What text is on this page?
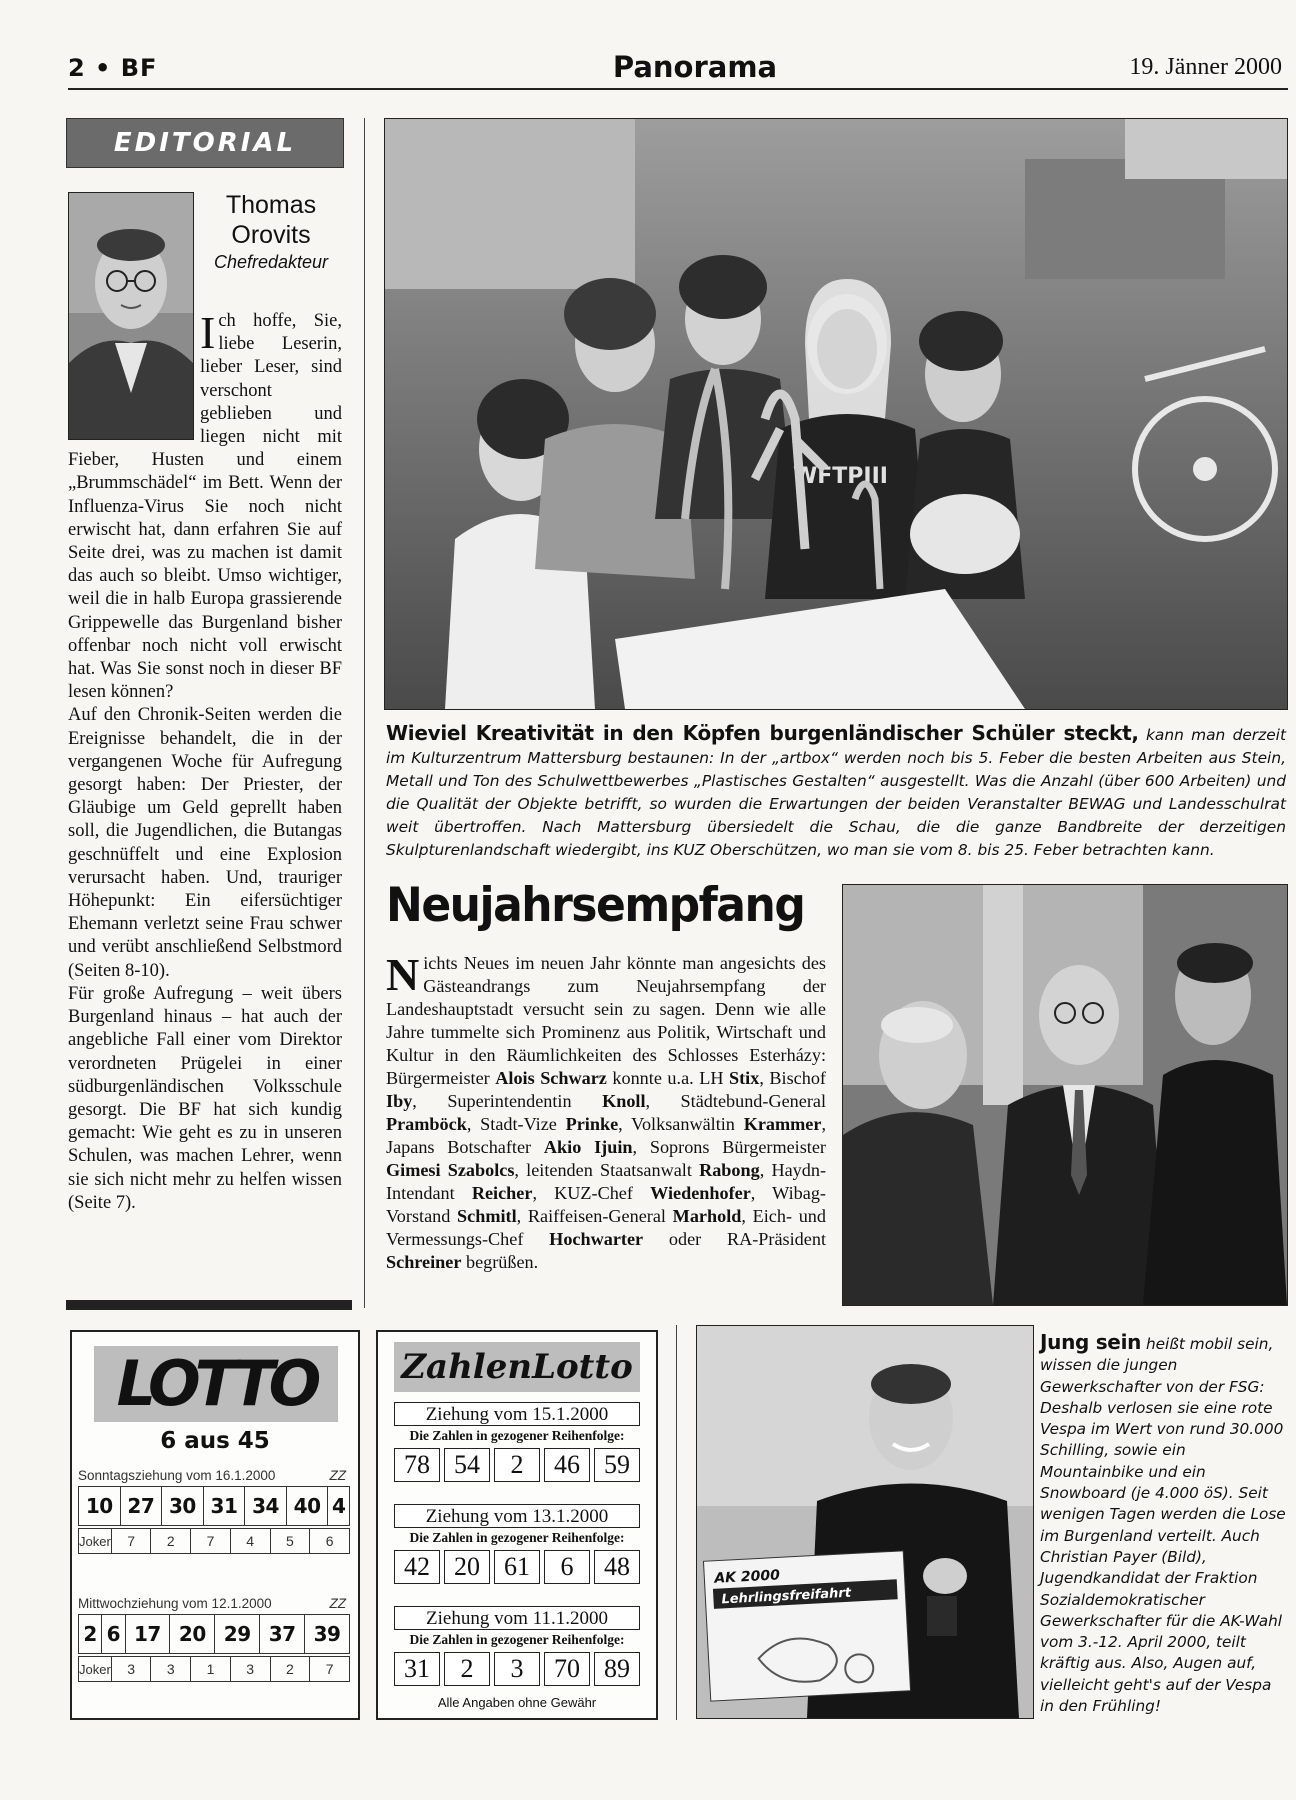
2 • BF	Panorama	19. Jänner 2000
EDITORIAL
Thomas
Orovits
Chefredakteur
I ch hoffe, Sie, liebe Leserin, lieber Leser, sind verschont geblieben und liegen nicht mit Fieber, Husten und einem „Brummschädel“ im Bett. Wenn der Influenza-Virus Sie noch nicht erwischt hat, dann erfahren Sie auf Seite drei, was zu machen ist damit das auch so bleibt. Umso wichtiger, weil die in halb Europa grassierende Grippewelle das Burgenland bisher offenbar noch nicht voll erwischt hat. Was Sie sonst noch in dieser BF lesen können?

Auf den Chronik-Seiten werden die Ereignisse behandelt, die in der vergangenen Woche für Aufregung gesorgt haben: Der Priester, der Gläubige um Geld geprellt haben soll, die Jugendlichen, die Butangas geschnüffelt und eine Explosion verursacht haben. Und, trauriger Höhepunkt: Ein eifersüchtiger Ehemann verletzt seine Frau schwer und verübt anschließend Selbstmord (Seiten 8-10).

Für große Aufregung – weit übers Burgenland hinaus – hat auch der angebliche Fall einer vom Direktor verordneten Prügelei in einer südburgenländischen Volksschule gesorgt. Die BF hat sich kundig gemacht: Wie geht es zu in unseren Schulen, was machen Lehrer, wenn sie sich nicht mehr zu helfen wissen (Seite 7).

WFTPIII
Wieviel Kreativität in den Köpfen burgenländischer Schüler steckt, kann man derzeit im Kulturzentrum Mattersburg bestaunen: In der „artbox“ werden noch bis 5. Feber die besten Arbeiten aus Stein, Metall und Ton des Schulwettbewerbes „Plastisches Gestalten“ ausgestellt. Was die Anzahl (über 600 Arbeiten) und die Qualität der Objekte betrifft, so wurden die Erwartungen der beiden Veranstalter BEWAG und Landesschulrat weit übertroffen. Nach Mattersburg übersiedelt die Schau, die die ganze Bandbreite der derzeitigen Skulpturenlandschaft wiedergibt, ins KUZ Oberschützen, wo man sie vom 8. bis 25. Feber betrachten kann.
Neujahrsempfang
N ichts Neues im neuen Jahr könnte man angesichts des Gästeandrangs zum Neujahrsempfang der Landeshauptstadt versucht sein zu sagen. Denn wie alle Jahre tummelte sich Prominenz aus Politik, Wirtschaft und Kultur in den Räumlichkeiten des Schlosses Esterházy: Bürgermeister Alois Schwarz konnte u.a. LH Stix, Bischof Iby, Superintendentin Knoll, Städtebund-General Pramböck, Stadt-Vize Prinke, Volksanwältin Krammer, Japans Botschafter Akio Ijuin, Soprons Bürgermeister Gimesi Szabolcs, leitenden Staatsanwalt Rabong, Haydn-Intendant Reicher, KUZ-Chef Wiedenhofer, Wibag-Vorstand Schmitl, Raiffeisen-General Marhold, Eich- und Vermessungs-Chef Hochwarter oder RA-Präsident Schreiner begrüßen.

LOTTO
6 aus 45
Sonntagsziehung vom 16.1.2000	ZZ
10	27	30	31	34	40	4
Joker	7	2	7	4	5	6
Mittwochziehung vom 12.1.2000	ZZ
2	6	17	20	29	37	39
Joker	3	3	1	3	2	7
ZahlenLotto
Ziehung vom 15.1.2000
Die Zahlen in gezogener Reihenfolge:
78 54	2	46 59
Ziehung vom 13.1.2000
Die Zahlen in gezogener Reihenfolge:
42 20 61	6	48
Ziehung vom 11.1.2000
Die Zahlen in gezogener Reihenfolge:
31	2	3	70 89
Alle Angaben ohne Gewähr
AK 2000
Lehrlingsfreifahrt
Jung sein heißt mobil sein, wissen die jungen Gewerkschafter von der FSG: Deshalb verlosen sie eine rote Vespa im Wert von rund 30.000 Schilling, sowie ein Mountainbike und ein Snowboard (je 4.000 öS). Seit wenigen Tagen werden die Lose im Burgenland verteilt. Auch Christian Payer (Bild), Jugendkandidat der Fraktion Sozialdemokratischer Gewerkschafter für die AK-Wahl vom 3.-12. April 2000, teilt kräftig aus. Also, Augen auf, vielleicht geht's auf der Vespa in den Frühling!
